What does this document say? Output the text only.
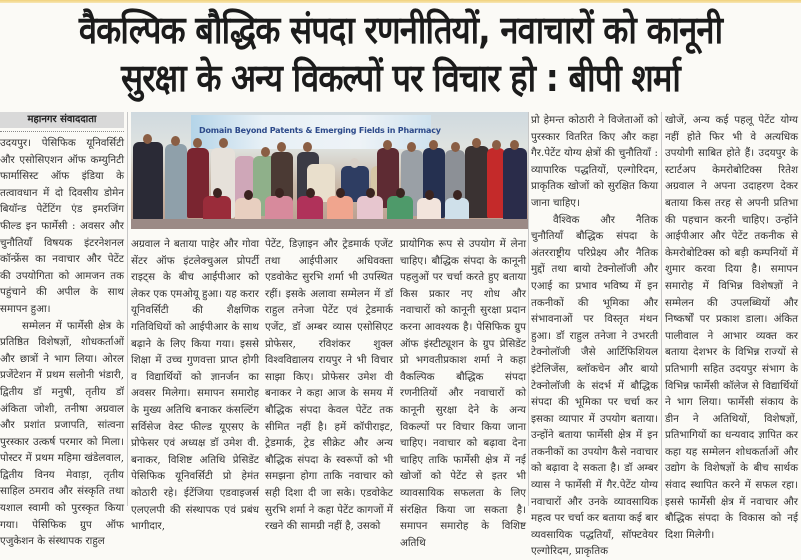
वैकल्पिक बौद्धिक संपदा रणनीतियों, नवाचारों को कानूनी
सुरक्षा के अन्य विकल्पों पर विचार हो : बीपी शर्मा
महानगर संवाददाता
Domain Beyond Patents & Emerging Fields in Pharmacy

उदयपुर। पेसिफिक यूनिवर्सिटी और एसोसिएशन ऑफ कम्युनिटी फार्मासिस्ट ऑफ इंडिया के तत्वावधान में दो दिवसीय डोमेन बियॉन्ड पेटेंटिंग एंड इमरजिंग फील्ड इन फार्मेसी : अवसर और चुनौतियाँ विषयक इंटरनेशनल कॉन्फ्रेंस का नवाचार और पेटेंट की उपयोगिता को आमजन तक पहुंचाने की अपील के साथ समापन हुआ।

सम्मेलन में फार्मेसी क्षेत्र के प्रतिष्ठित विशेषज्ञों, शोधकर्ताओं और छात्रों ने भाग लिया। ओरल प्रजेंटेशन में प्रथम सलोनी भंडारी, द्वितीय डॉ मनुषी, तृतीय डॉ अंकिता जोशी, तनीषा अग्रवाल और प्रशांत प्रजापति, सांत्वना पुरस्कार उत्कर्ष परमार को मिला। पोस्टर में प्रथम महिमा खंडेलवाल, द्वितीय विनय मेवाड़ा, तृतीय साहिल ठमराव और संस्कृति तथा यशाल स्वामी को पुरस्कृत किया गया। पेसिफिक ग्रुप ऑफ एजुकेशन के संस्थापक राहुल

अग्रवाल ने बताया पाहेर और गोवा सेंटर ऑफ इंटलेक्चुअल प्रोपर्टी राइट्स के बीच आईपीआर को लेकर एक एमओयू हुआ। यह करार यूनिवर्सिटी की शैक्षणिक गतिविधियों को आईपीआर के साथ बढ़ाने के लिए किया गया। इससे शिक्षा में उच्च गुणवत्ता प्राप्त होगी व विद्यार्थियों को ज्ञानर्जन का अवसर मिलेगा। समापन समारोह के मुख्य अतिथि बनाकर कंसल्टिंग सर्विसेज वेस्ट फील्ड यूएसए के प्रोफेसर एवं अध्यक्ष डॉ उमेश वी. बनाकर, विशिष्ट अतिथि प्रेसिडेंट पेसिफिक यूनिवर्सिटी प्रो हेमंत कोठारी रहे। ईटेंजिया एडवाइजर्स एलएलपी की संस्थापक एवं प्रबंध भागीदार,

पेटेंट, डिज़ाइन और ट्रेडमार्क एजेंट तथा आईपीआर अधिवक्ता एडवोकेट सुरभि शर्मा भी उपस्थित रहीं। इसके अलावा सम्मेलन में डॉ राहुल तनेजा पेटेंट एवं ट्रेडमार्क एजेंट, डॉ अम्बर व्यास एसोसिएट प्रोफेसर, रविशंकर शुक्ल विश्वविद्यालय रायपुर ने भी विचार साझा किए। प्रोफेसर उमेश वी बनाकर ने कहा आज के समय में बौद्धिक संपदा केवल पेटेंट तक सीमित नहीं है। हमें कॉपीराइट, ट्रेडमार्क, ट्रेड सीक्रेट और अन्य बौद्धिक संपदा के स्वरूपों को भी समझना होगा ताकि नवाचार को सही दिशा दी जा सके। एडवोकेट सुरभि शर्मा ने कहा पेटेंट कागजों में रखने की सामग्री नहीं है, उसको

प्रायोगिक रूप से उपयोग में लेना चाहिए। बौद्धिक संपदा के कानूनी पहलुओं पर चर्चा करते हुए बताया किस प्रकार नए शोध और नवाचारों को कानूनी सुरक्षा प्रदान करना आवश्यक है। पेसिफिक ग्रुप ऑफ इंस्टीट्यूशन के ग्रुप प्रेसिडेंट प्रो भगवतीप्रकाश शर्मा ने कहा वैकल्पिक बौद्धिक संपदा रणनीतियों और नवाचारों को कानूनी सुरक्षा देने के अन्य विकल्पों पर विचार किया जाना चाहिए। नवाचार को बढ़ावा देना चाहिए ताकि फार्मेसी क्षेत्र में नई खोजों को पेटेंट से इतर भी व्यावसायिक सफलता के लिए संरक्षित किया जा सकता है। समापन समारोह के विशिष्ट अतिथि

प्रो हेमन्त कोठारी ने विजेताओं को पुरस्कार वितरित किए और कहा गैर.पेटेंट योग्य क्षेत्रों की चुनौतियाँ : व्यापारिक पद्धतियों, एल्गोरिदम, प्राकृतिक खोजों को सुरक्षित किया जाना चाहिए।

वैश्विक और नैतिक चुनौतियाँ बौद्धिक संपदा के अंतरराष्ट्रीय परिप्रेक्ष्य और नैतिक मुद्दों तथा बायो टेक्नोलॉजी और एआई का प्रभाव भविष्य में इन तकनीकों की भूमिका और संभावनाओं पर विस्तृत मंथन हुआ। डॉ राहुल तनेजा ने उभरती टेक्नोलॉजी जैसे आर्टिफिशियल इंटेलिजेंस, ब्लॉकचेन और बायो टेक्नोलॉजी के संदर्भ में बौद्धिक संपदा की भूमिका पर चर्चा कर इसका व्यापार में उपयोग बताया। उन्होंने बताया फार्मेसी क्षेत्र में इन तकनीकों का उपयोग कैसे नवाचार को बढ़ावा दे सकता है। डॉ अम्बर व्यास ने फार्मेसी में गैर.पेटेंट योग्य नवाचारों और उनके व्यावसायिक महत्व पर चर्चा कर बताया कई बार व्यवसायिक पद्धतियाँ, सॉफ्टवेयर एल्गोरिदम, प्राकृतिक

खोजें, अन्य कई पहलू पेटेंट योग्य नहीं होते फिर भी वे अत्यधिक उपयोगी साबित होते हैं। उदयपुर के स्टार्टअप केमरोबोटिक्स रितेश अग्रवाल ने अपना उदाहरण देकर बताया किस तरह से अपनी प्रतिभा की पहचान करनी चाहिए। उन्होंने आईपीआर और पेटेंट तकनीक से केमरोबोटिक्स को बड़ी कम्पनियों में शुमार करवा दिया है। समापन समारोह में विभिन्न विशेषज्ञों ने सम्मेलन की उपलब्धियों और निष्कर्षों पर प्रकाश डाला। अंकित पालीवाल ने आभार व्यक्त कर बताया देशभर के विभिन्न राज्यों से प्रतिभागी सहित उदयपुर संभाग के विभिन्न फार्मेसी कॉलेज से विद्यार्थियों ने भाग लिया। फार्मेसी संकाय के डीन ने अतिथियों, विशेषज्ञों, प्रतिभागियों का धन्यवाद ज्ञापित कर कहा यह सम्मेलन शोधकर्ताओं और उद्योग के विशेषज्ञों के बीच सार्थक संवाद स्थापित करने में सफल रहा। इससे फार्मेसी क्षेत्र में नवाचार और बौद्धिक संपदा के विकास को नई दिशा मिलेगी।
